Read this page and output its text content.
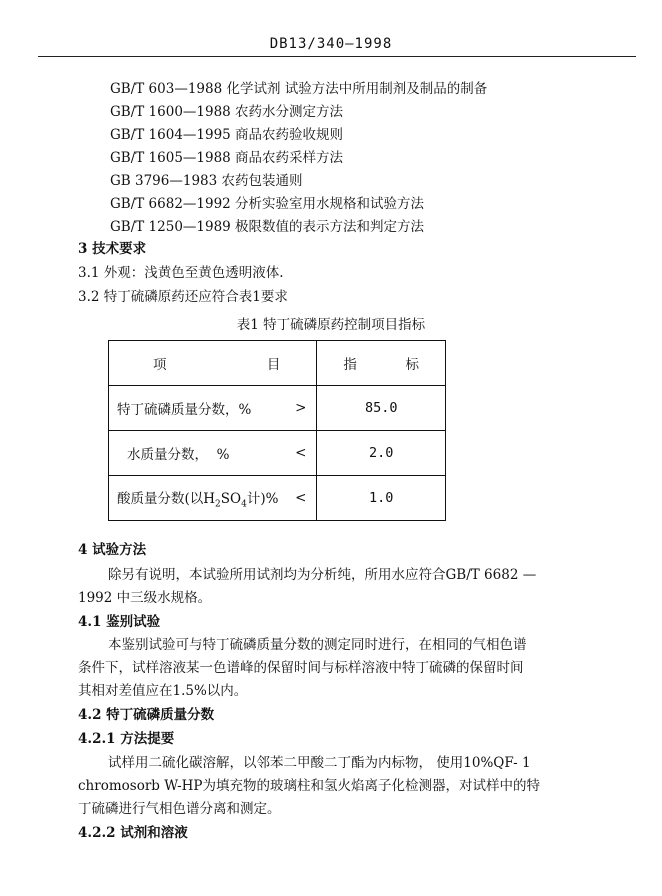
DB13/340—1998
GB/T 603—1988 化学试剂 试验方法中所用制剂及制品的制备
GB/T 1600—1988 农药水分测定方法
GB/T 1604—1995 商品农药验收规则
GB/T 1605—1988 商品农药采样方法
GB 3796—1983 农药包装通则
GB/T 6682—1992 分析实验室用水规格和试验方法
GB/T 1250—1989 极限数值的表示方法和判定方法
3 技术要求
3.1 外观：浅黄色至黄色透明液体.
3.2 特丁硫磷原药还应符合表1要求
表1 特丁硫磷原药控制项目指标
项 目	指 标

特丁硫磷质量分数，% >	85.0

水质量分数，  % <	2.0

酸质量分数(以$H_2SO_4$计)% <	1.0
4 试验方法
除另有说明，本试验所用试剂均为分析纯，所用水应符合GB/T 6682 —
1992 中三级水规格。
4.1 鉴别试验
本鉴别试验可与特丁硫磷质量分数的测定同时进行，在相同的气相色谱
条件下，试样溶液某一色谱峰的保留时间与标样溶液中特丁硫磷的保留时间
其相对差值应在1.5%以内。
4.2 特丁硫磷质量分数
4.2.1 方法提要
试样用二硫化碳溶解，以邻苯二甲酸二丁酯为内标物， 使用10%QF- 1
chromosorb W-HP为填充物的玻璃柱和氢火焰离子化检测器，对试样中的特
丁硫磷进行气相色谱分离和测定。
4.2.2 试剂和溶液
